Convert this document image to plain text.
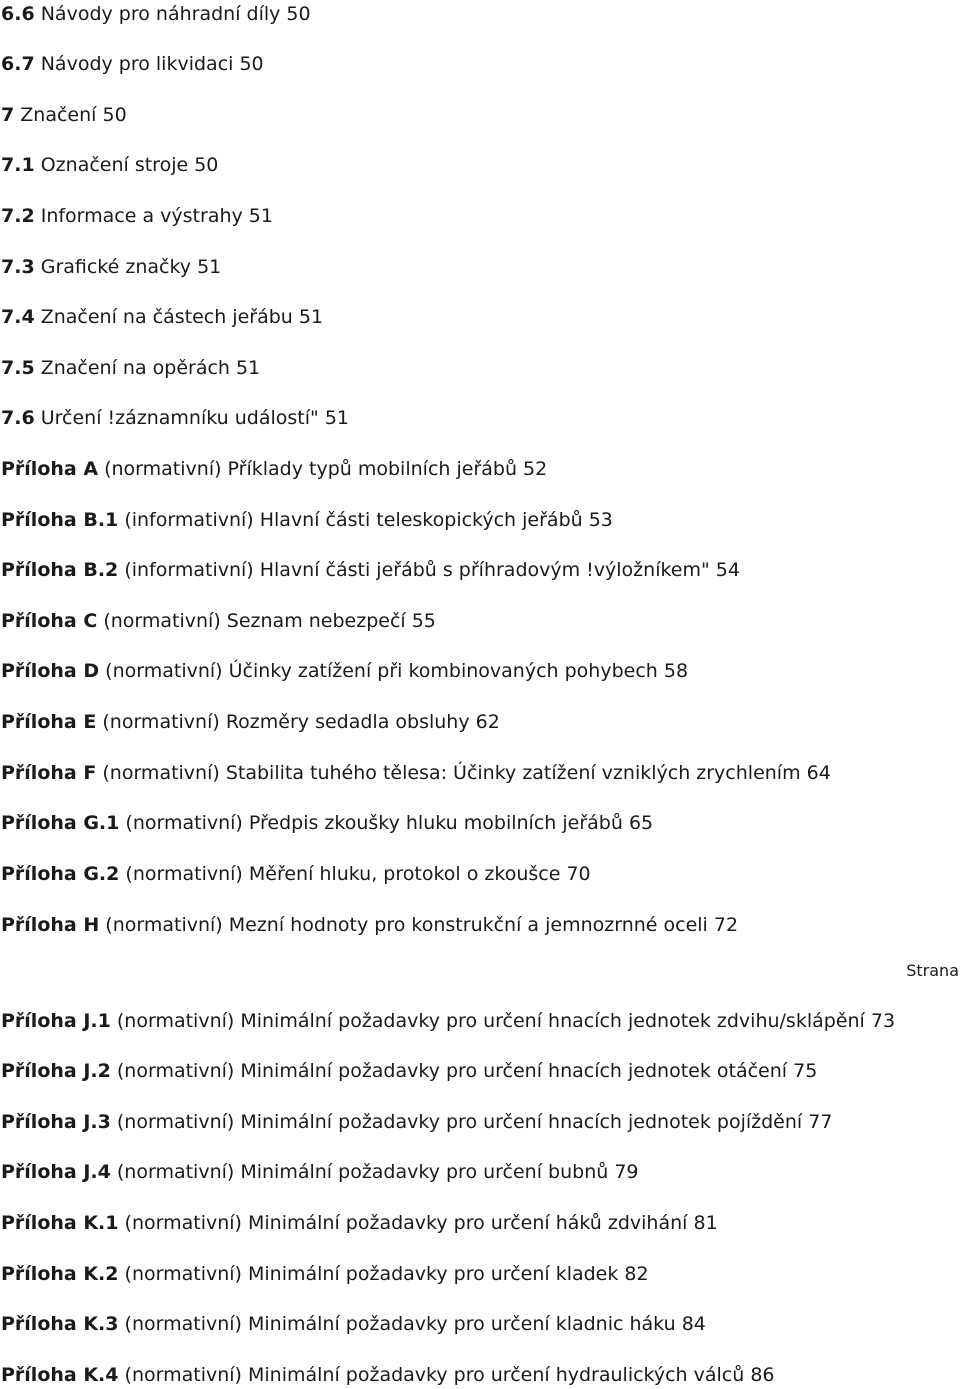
Strana
6.6 Návody pro náhradní díly 50
6.7 Návody pro likvidaci 50
7 Značení 50
7.1 Označení stroje 50
7.2 Informace a výstrahy 51
7.3 Grafické značky 51
7.4 Značení na částech jeřábu 51
7.5 Značení na opěrách 51
7.6 Určení !záznamníku událostí" 51
Příloha A (normativní) Příklady typů mobilních jeřábů 52
Příloha B.1 (informativní) Hlavní části teleskopických jeřábů 53
Příloha B.2 (informativní) Hlavní části jeřábů s příhradovým !výložníkem" 54
Příloha C (normativní) Seznam nebezpečí 55
Příloha D (normativní) Účinky zatížení při kombinovaných pohybech 58
Příloha E (normativní) Rozměry sedadla obsluhy 62
Příloha F (normativní) Stabilita tuhého tělesa: Účinky zatížení vzniklých zrychlením 64
Příloha G.1 (normativní) Předpis zkoušky hluku mobilních jeřábů 65
Příloha G.2 (normativní) Měření hluku, protokol o zkoušce 70
Příloha H (normativní) Mezní hodnoty pro konstrukční a jemnozrnné oceli 72
Příloha J.1 (normativní) Minimální požadavky pro určení hnacích jednotek zdvihu/sklápění 73
Příloha J.2 (normativní) Minimální požadavky pro určení hnacích jednotek otáčení 75
Příloha J.3 (normativní) Minimální požadavky pro určení hnacích jednotek pojíždění 77
Příloha J.4 (normativní) Minimální požadavky pro určení bubnů 79
Příloha K.1 (normativní) Minimální požadavky pro určení háků zdvihání 81
Příloha K.2 (normativní) Minimální požadavky pro určení kladek 82
Příloha K.3 (normativní) Minimální požadavky pro určení kladnic háku 84
Příloha K.4 (normativní) Minimální požadavky pro určení hydraulických válců 86
